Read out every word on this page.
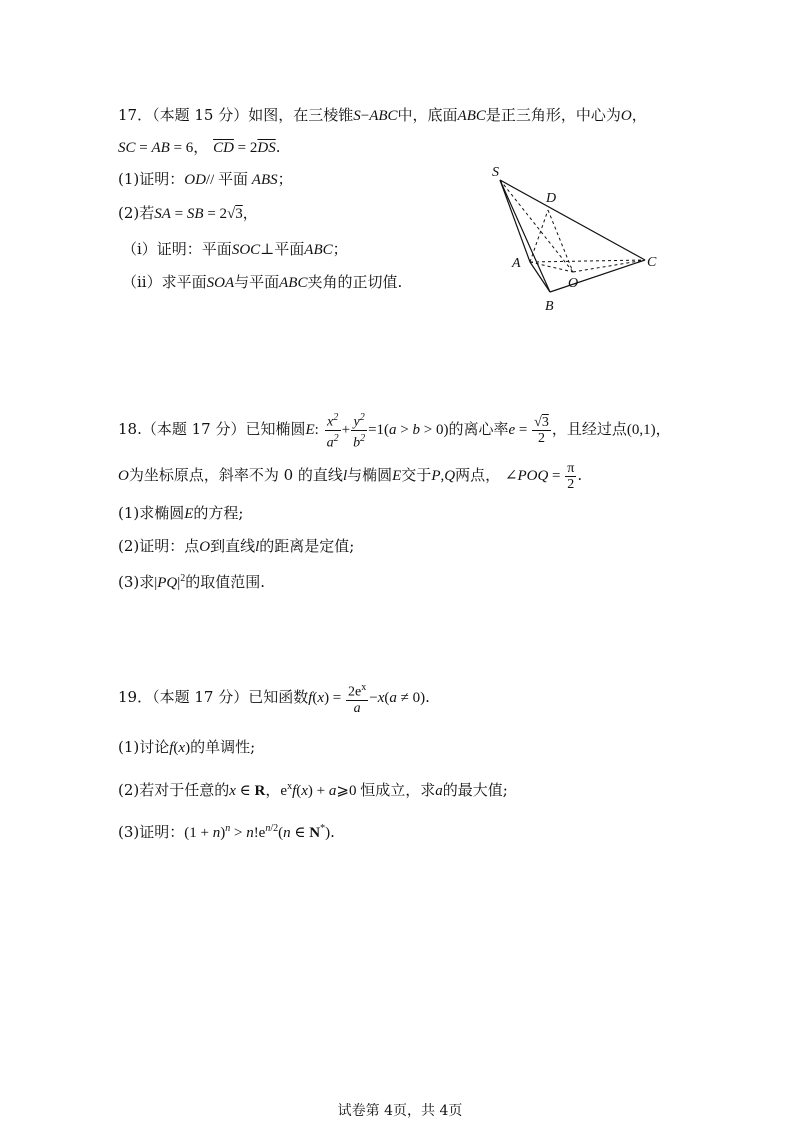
17．（本题 15 分）如图，在三棱锥S−ABC中，底面ABC是正三角形，中心为O，
SC = AB = 6， $\overline{CD} = 2\overline{DS}$.
(1)证明：OD// 平面 ABS；
(2)若SA = SB = 2√3，
（i）证明：平面SOC⊥平面ABC；
（ii）求平面SOA与平面ABC夹角的正切值.
S
D
A
O
C
B
18.（本题 17 分）已知椭圆E: $\frac{x^2}{a^2} + \frac{y^2}{b^2} =1(a > b > 0)$的离心率$e = \frac{√3}{2}$ ，且经过点(0,1)，
O为坐标原点，斜率不为 0 的直线l与椭圆E交于P,Q两点， ∠POQ = $\frac{\pi}{2}$ .
(1)求椭圆E的方程;
(2)证明：点O到直线l的距离是定值;
(3)求$|PQ|^2$的取值范围.
19．（本题 17 分）已知函数$f(x) = \frac{2e^x}{a} -x(a \ne 0)$.
(1)讨论f(x)的单调性;
(2)若对于任意的x ∈ R，$e^xf(x)$ + a⩾0 恒成立，求a的最大值;
(3)证明：$(1 + n)^n > n!e^{n/2}(n$ ∈ N*).
试卷第 4页，共 4页
